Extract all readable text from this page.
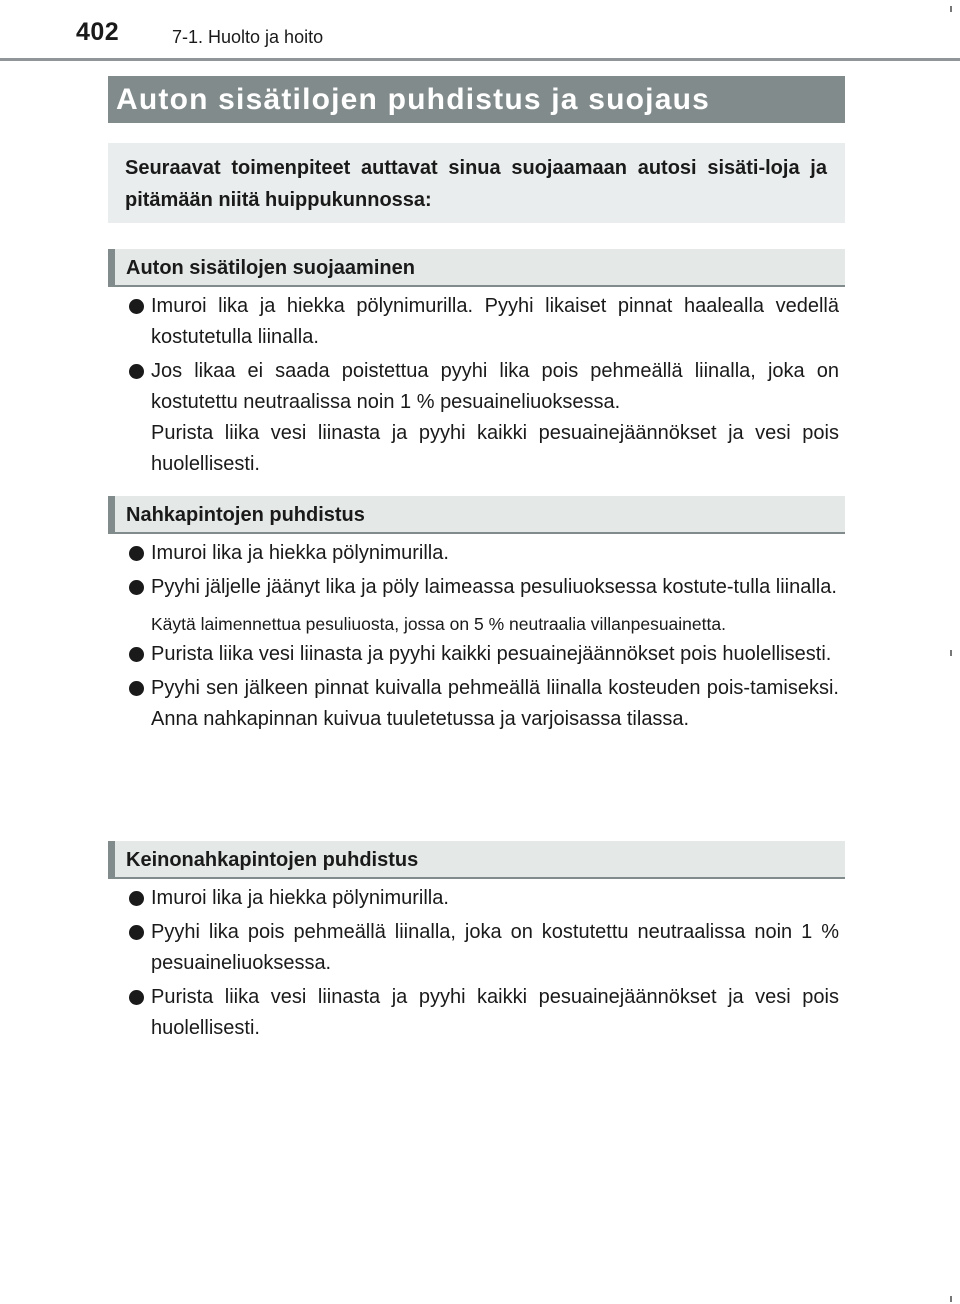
402	7-1. Huolto ja hoito
Auton sisätilojen puhdistus ja suojaus
Seuraavat toimenpiteet auttavat sinua suojaamaan autosi sisäti-loja ja pitämään niitä huippukunnossa:
Auton sisätilojen suojaaminen
Imuroi lika ja hiekka pölynimurilla. Pyyhi likaiset pinnat haalealla vedellä kostutetulla liinalla.
Jos likaa ei saada poistettua pyyhi lika pois pehmeällä liinalla, joka on kostutettu neutraalissa noin 1 % pesuaineliuoksessa.
Purista liika vesi liinasta ja pyyhi kaikki pesuainejäännökset ja vesi pois huolellisesti.
Nahkapintojen puhdistus
Imuroi lika ja hiekka pölynimurilla.
Pyyhi jäljelle jäänyt lika ja pöly laimeassa pesuliuoksessa kostute-tulla liinalla.
Käytä laimennettua pesuliuosta, jossa on 5 % neutraalia villanpesuainetta.
Purista liika vesi liinasta ja pyyhi kaikki pesuainejäännökset pois huolellisesti.
Pyyhi sen jälkeen pinnat kuivalla pehmeällä liinalla kosteuden pois-tamiseksi. Anna nahkapinnan kuivua tuuletetussa ja varjoisassa tilassa.
Keinonahkapintojen puhdistus
Imuroi lika ja hiekka pölynimurilla.
Pyyhi lika pois pehmeällä liinalla, joka on kostutettu neutraalissa noin 1 % pesuaineliuoksessa.
Purista liika vesi liinasta ja pyyhi kaikki pesuainejäännökset ja vesi pois huolellisesti.
